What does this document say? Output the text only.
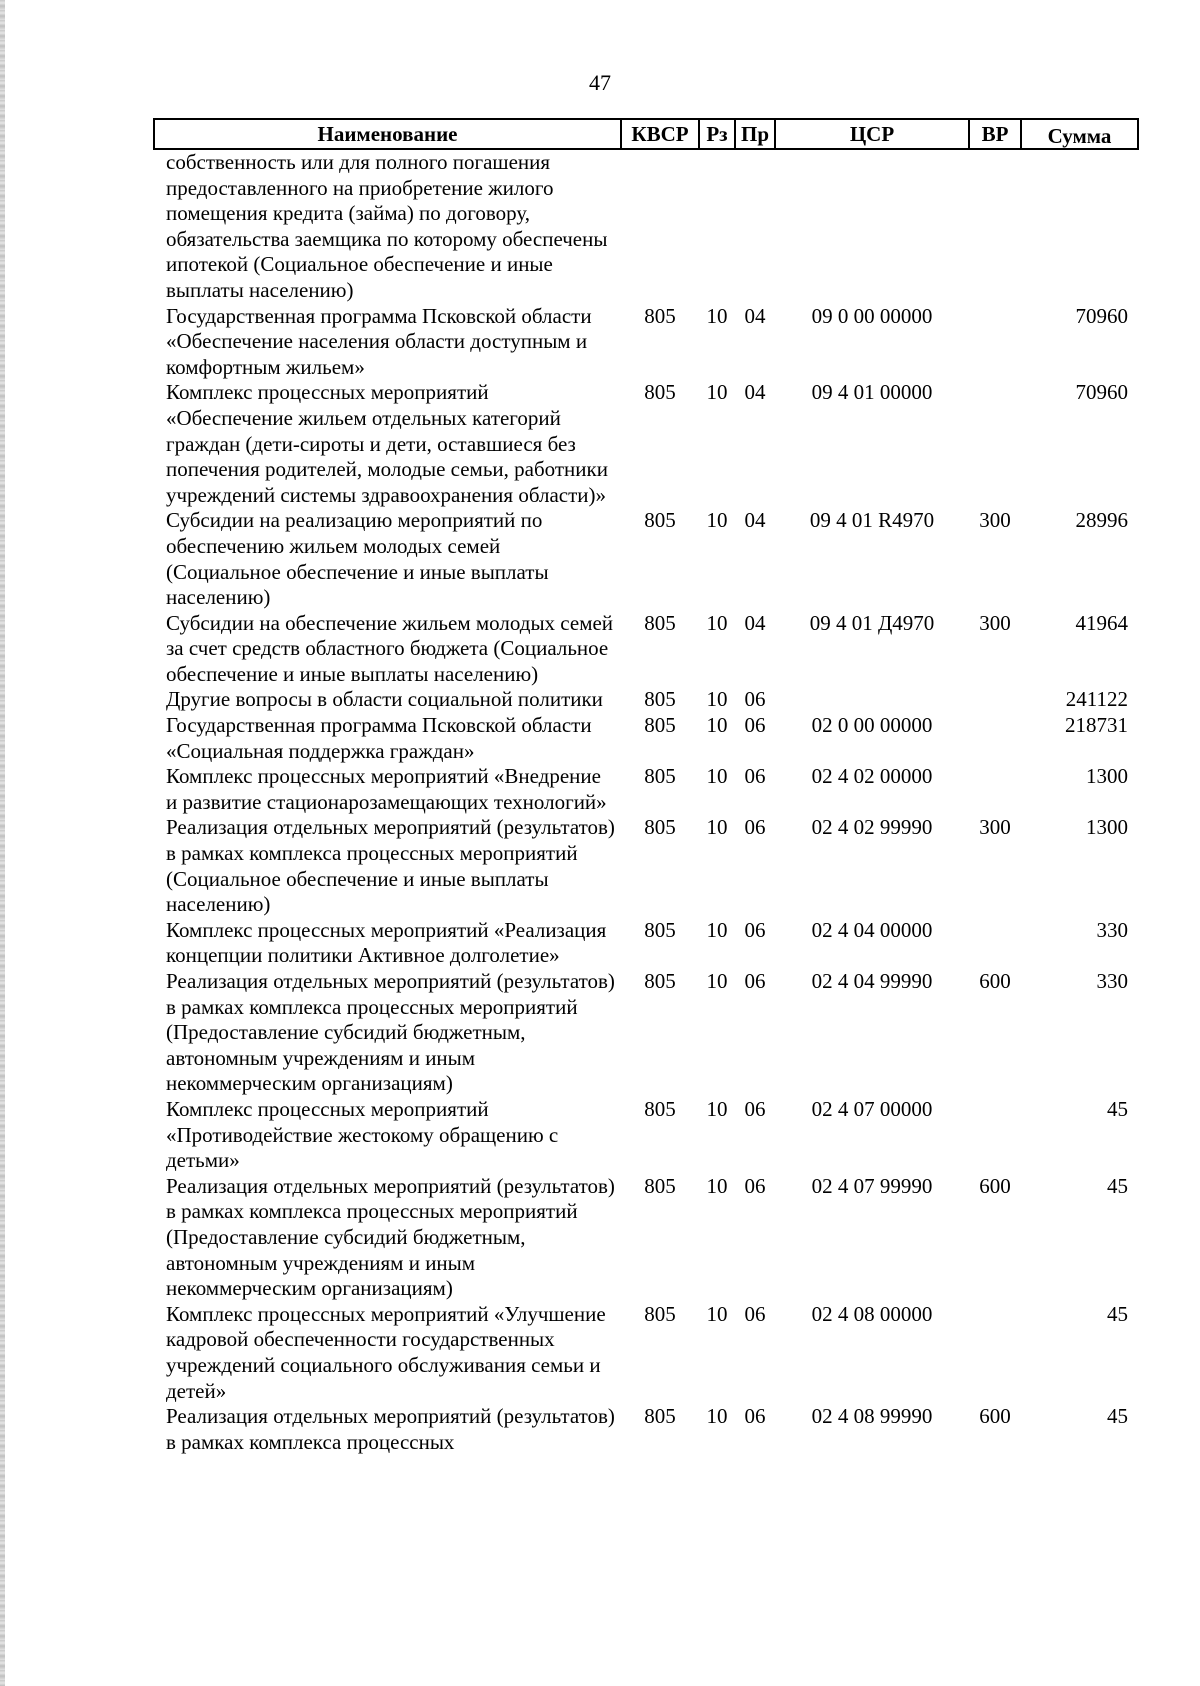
47
Наименование	КВСР	Рз	Пр	ЦСР	ВР	Сумма
собственность или для полного погашения предоставленного на приобретение жилого помещения кредита (займа) по договору, обязательства заемщика по которому обеспечены ипотекой (Социальное обеспечение и иные выплаты населению)						
Государственная программа Псковской области «Обеспечение населения области доступным и комфортным жильем»	805	10	04	09 0 00 00000		70960
Комплекс процессных мероприятий «Обеспечение жильем отдельных категорий граждан (дети-сироты и дети, оставшиеся без попечения родителей, молодые семьи, работники учреждений системы здравоохранения области)»	805	10	04	09 4 01 00000		70960
Субсидии на реализацию мероприятий по обеспечению жильем молодых семей (Социальное обеспечение и иные выплаты населению)	805	10	04	09 4 01 R4970	300	28996
Субсидии на обеспечение жильем молодых семей за счет средств областного бюджета (Социальное обеспечение и иные выплаты населению)	805	10	04	09 4 01 Д4970	300	41964
Другие вопросы в области социальной политики	805	10	06			241122
Государственная программа Псковской области «Социальная поддержка граждан»	805	10	06	02 0 00 00000		218731
Комплекс процессных мероприятий «Внедрение и развитие стационарозамещающих технологий»	805	10	06	02 4 02 00000		1300
Реализация отдельных мероприятий (результатов) в рамках комплекса процессных мероприятий (Социальное обеспечение и иные выплаты населению)	805	10	06	02 4 02 99990	300	1300
Комплекс процессных мероприятий «Реализация концепции политики Активное долголетие»	805	10	06	02 4 04 00000		330
Реализация отдельных мероприятий (результатов) в рамках комплекса процессных мероприятий (Предоставление субсидий бюджетным, автономным учреждениям и иным некоммерческим организациям)	805	10	06	02 4 04 99990	600	330
Комплекс процессных мероприятий «Противодействие жестокому обращению с детьми»	805	10	06	02 4 07 00000		45
Реализация отдельных мероприятий (результатов) в рамках комплекса процессных мероприятий (Предоставление субсидий бюджетным, автономным учреждениям и иным некоммерческим организациям)	805	10	06	02 4 07 99990	600	45
Комплекс процессных мероприятий «Улучшение кадровой обеспеченности государственных учреждений социального обслуживания семьи и детей»	805	10	06	02 4 08 00000		45
Реализация отдельных мероприятий (результатов) в рамках комплекса процессных	805	10	06	02 4 08 99990	600	45
